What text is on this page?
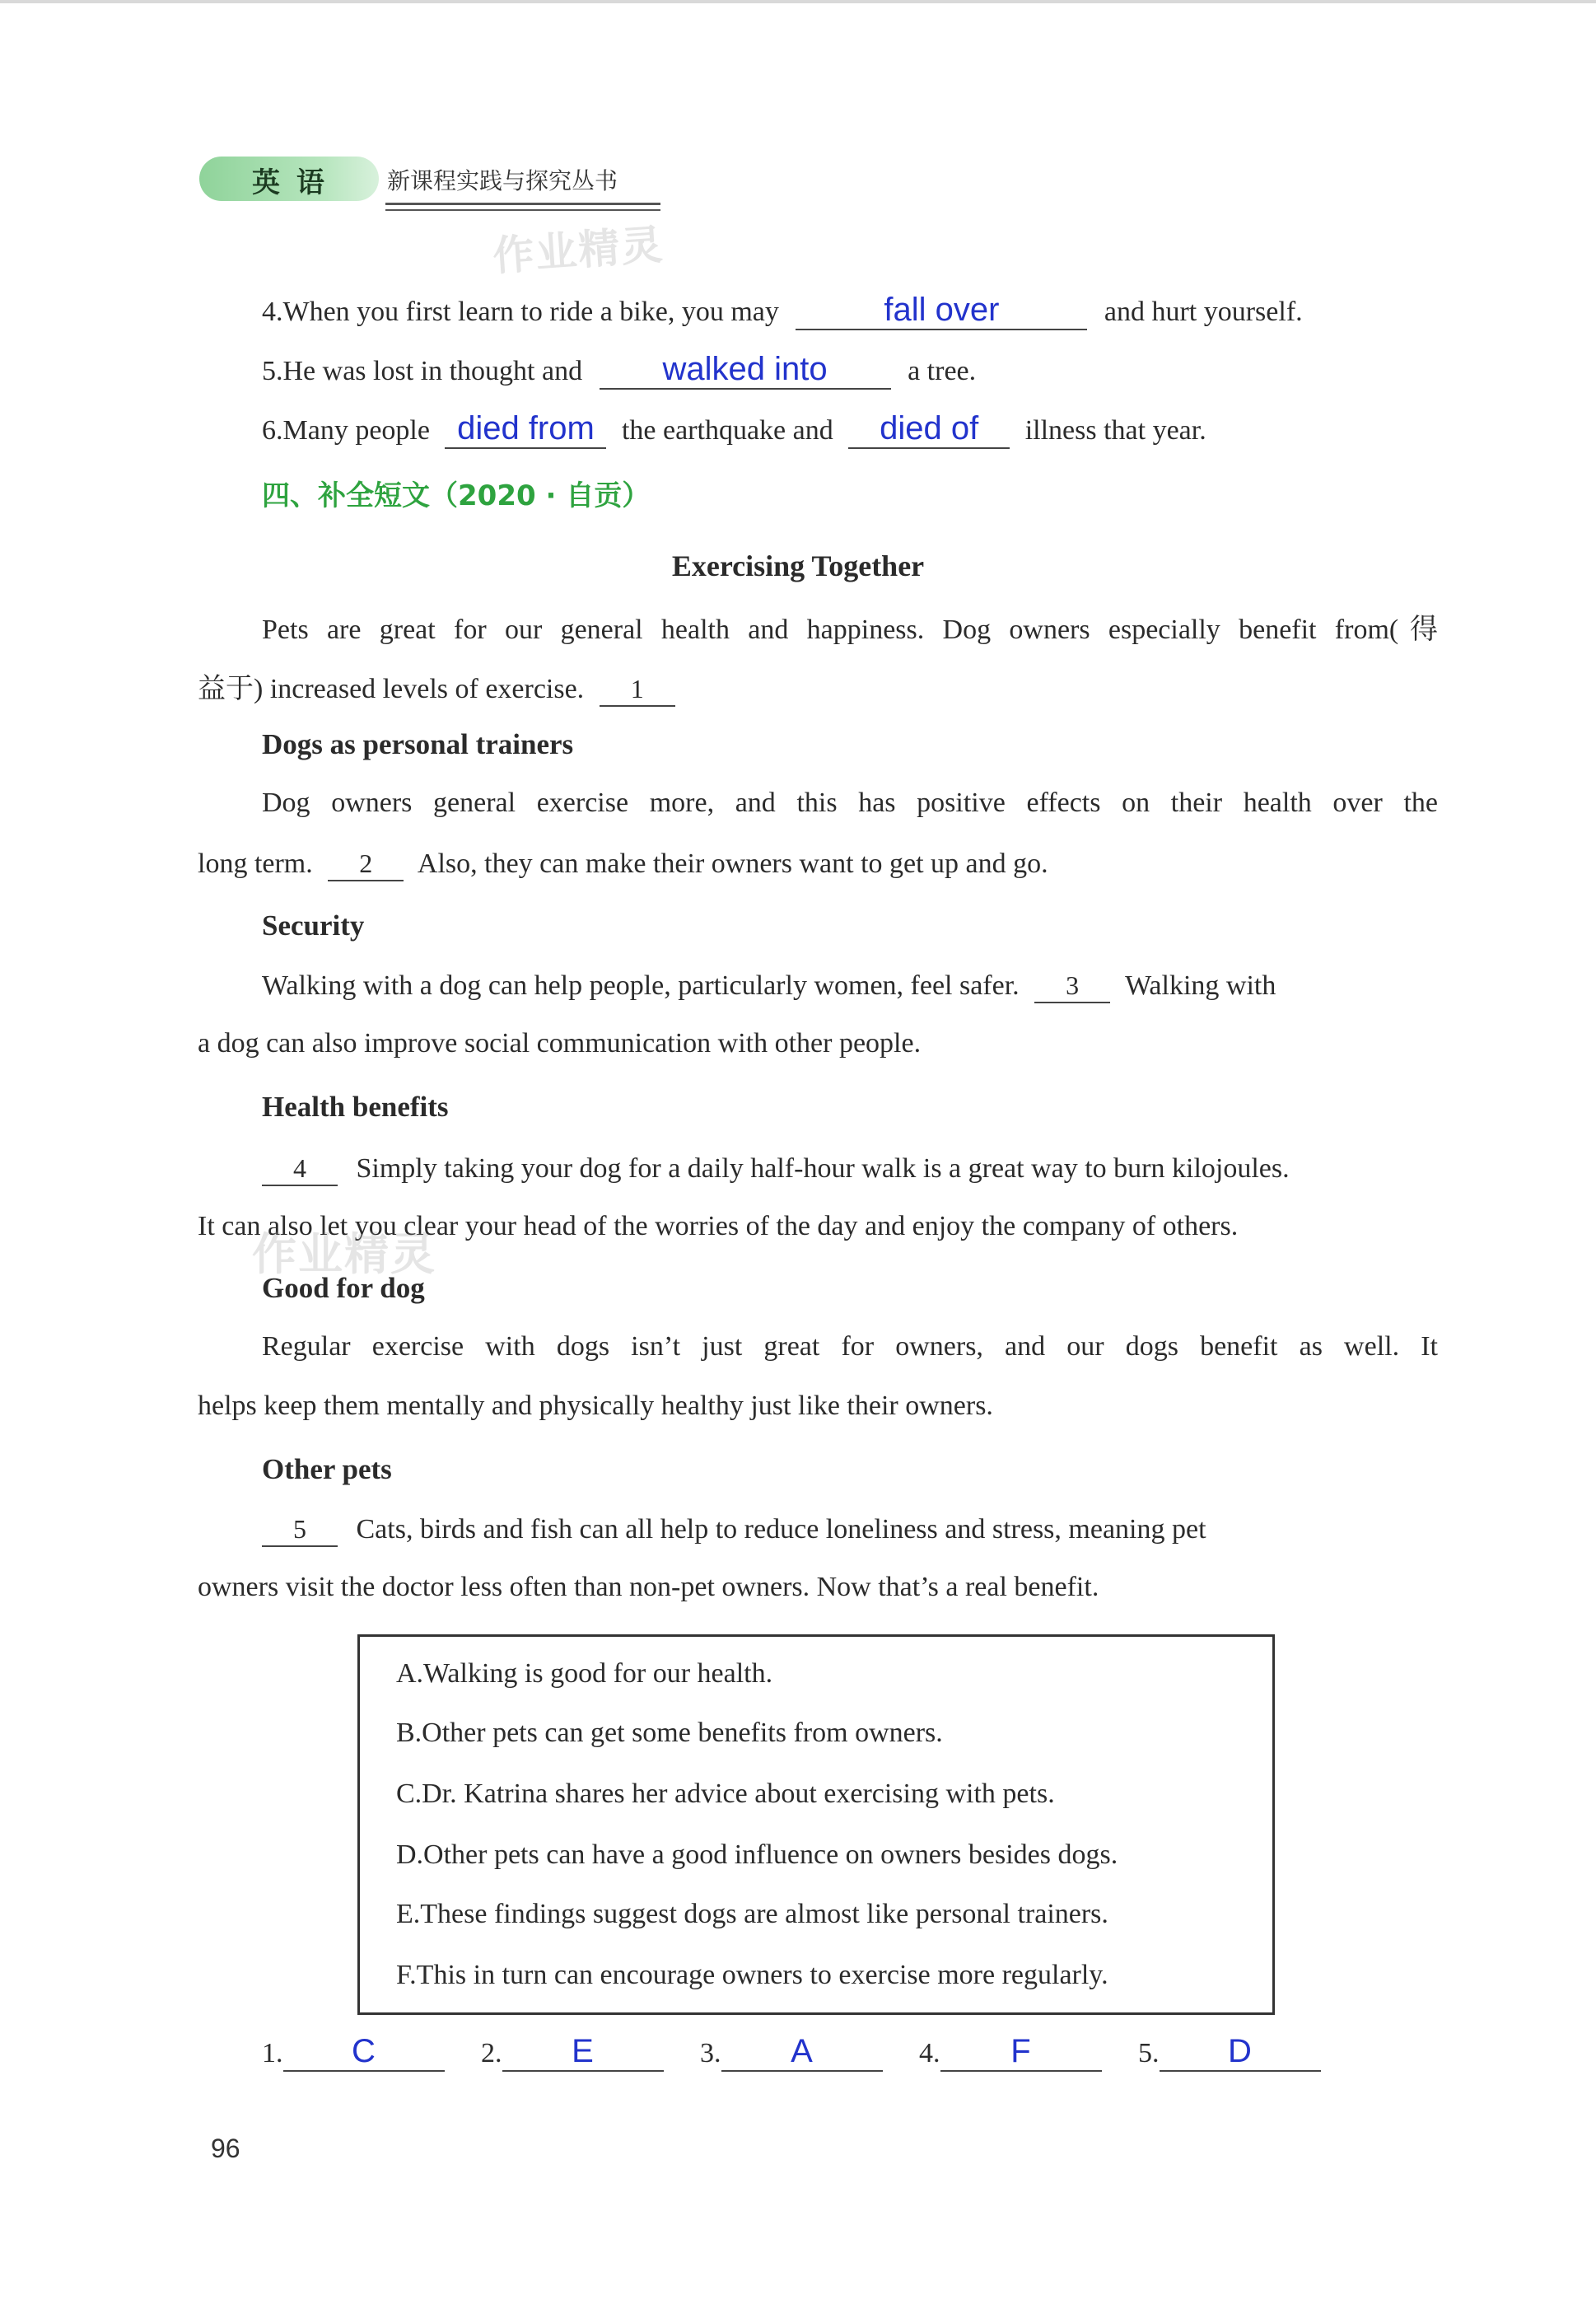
英 语	新课程实践与探究丛书
作业精灵
4.When you first learn to ride a bike, you may	fall over	and hurt yourself.
5.He was lost in thought and walked into	a tree.
6.Many people died from the earthquake and died of illness that year.
四、补全短文（2020 · 自贡）
Exercising Together
Pets are great for our general health and happiness. Dog owners especially benefit from(得
益于) increased levels of exercise. 1
Dogs as personal trainers
Dog owners general exercise more, and this has positive effects on their health over the
long term. 2 Also, they can make their owners want to get up and go.
Security
Walking with a dog can help people, particularly women, feel safer. 3 Walking with
a dog can also improve social communication with other people.
Health benefits
4 Simply taking your dog for a daily half-hour walk is a great way to burn kilojoules.
It can also let you clear your head of the worries of the day and enjoy the company of others.
作业精灵
Good for dog
Regular exercise with dogs isn’t just great for owners, and our dogs benefit as well. It
helps keep them mentally and physically healthy just like their owners.
Other pets
5 Cats, birds and fish can all help to reduce loneliness and stress, meaning pet
owners visit the doctor less often than non-pet owners. Now that’s a real benefit.
A.Walking is good for our health.
B.Other pets can get some benefits from owners.
C.Dr. Katrina shares her advice about exercising with pets.
D.Other pets can have a good influence on owners besides dogs.
E.These findings suggest dogs are almost like personal trainers.
F.This in turn can encourage owners to exercise more regularly.
1. C	2. E	3. A	4. F	5. D
96
